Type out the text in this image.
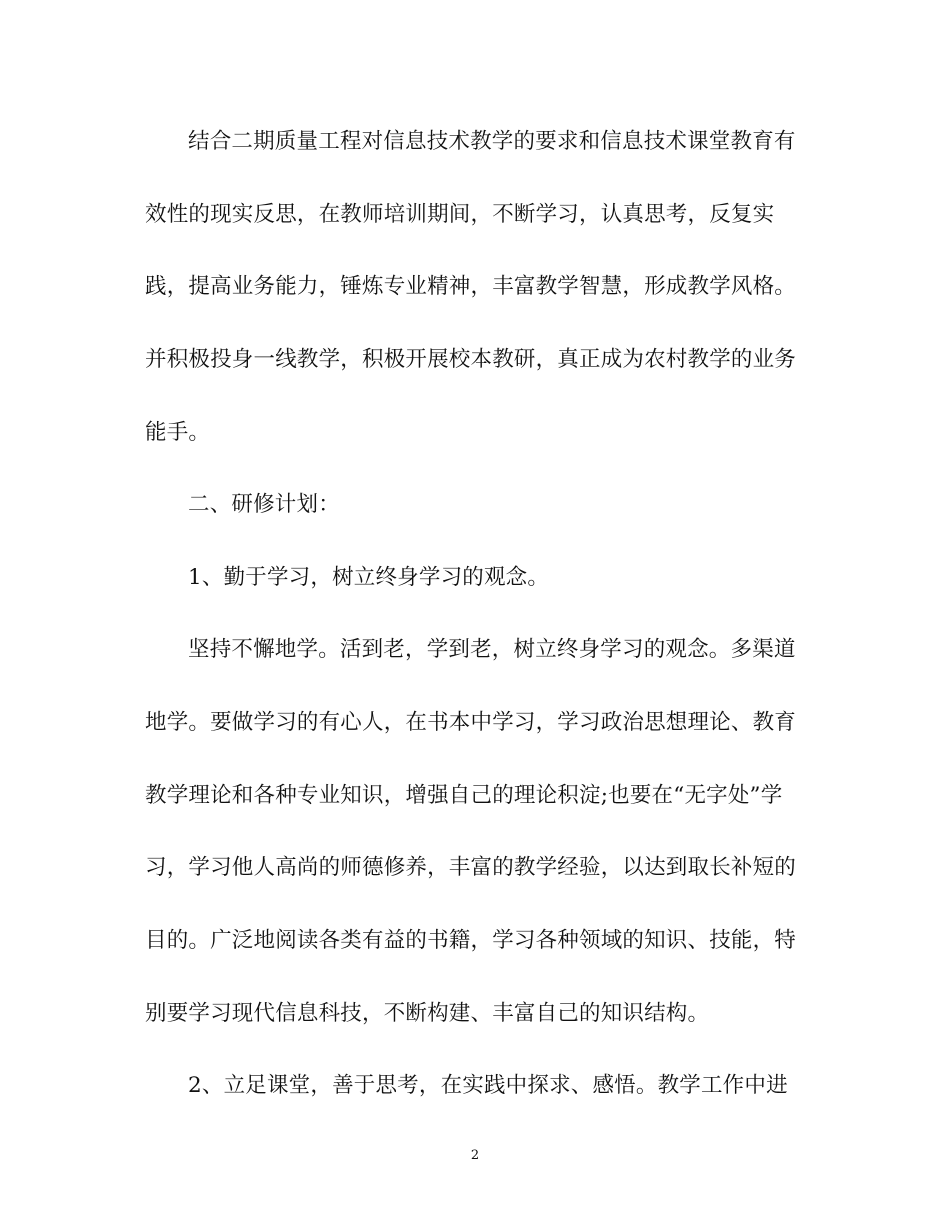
结合二期质量工程对信息技术教学的要求和信息技术课堂教育有
效性的现实反思，在教师培训期间，不断学习，认真思考，反复实
践，提高业务能力，锤炼专业精神，丰富教学智慧，形成教学风格。
并积极投身一线教学，积极开展校本教研，真正成为农村教学的业务
能手。
二、研修计划：
1、勤于学习，树立终身学习的观念。
坚持不懈地学。活到老，学到老，树立终身学习的观念。多渠道
地学。要做学习的有心人，在书本中学习，学习政治思想理论、教育
教学理论和各种专业知识，增强自己的理论积淀;也要在“无字处”学
习，学习他人高尚的师德修养，丰富的教学经验，以达到取长补短的
目的。广泛地阅读各类有益的书籍，学习各种领域的知识、技能，特
别要学习现代信息科技，不断构建、丰富自己的知识结构。
2、立足课堂，善于思考，在实践中探求、感悟。教学工作中进
2
